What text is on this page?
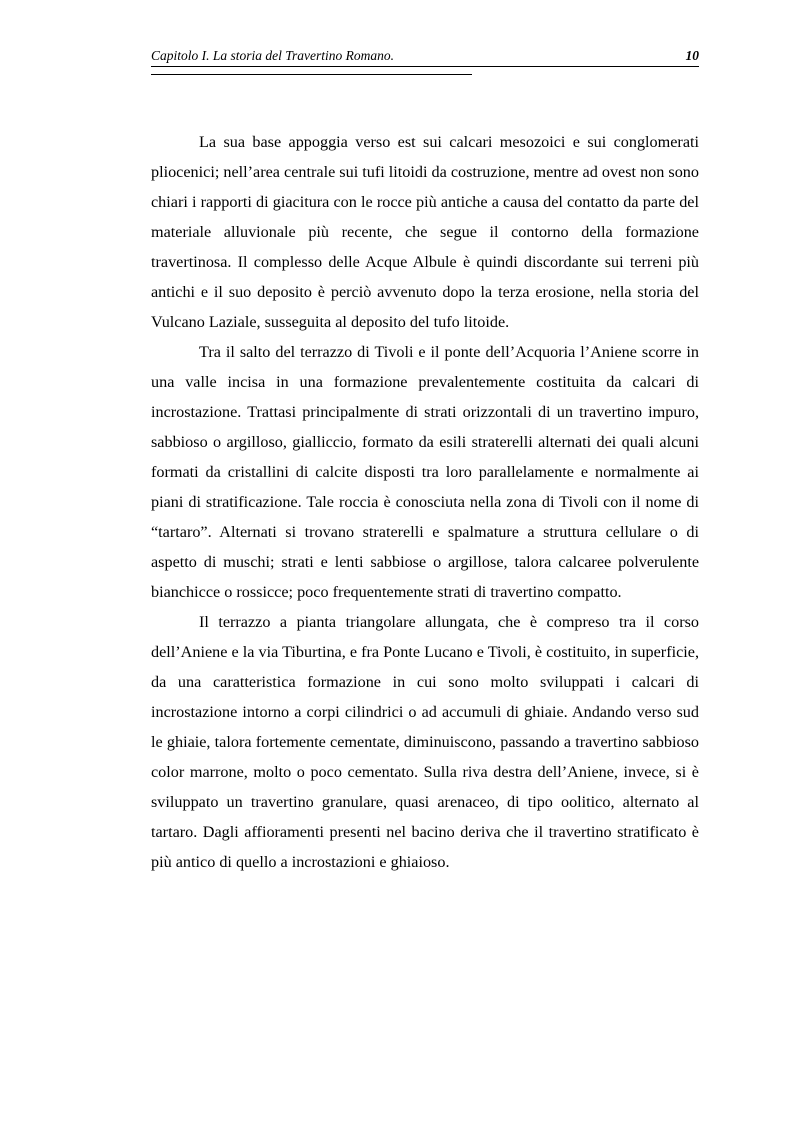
Capitolo I. La storia del Travertino Romano.	10

La sua base appoggia verso est sui calcari mesozoici e sui conglomerati pliocenici; nell’area centrale sui tufi litoidi da costruzione, mentre ad ovest non sono chiari i rapporti di giacitura con le rocce più antiche a causa del contatto da parte del materiale alluvionale più recente, che segue il contorno della formazione travertinosa. Il complesso delle Acque Albule è quindi discordante sui terreni più antichi e il suo deposito è perciò avvenuto dopo la terza erosione, nella storia del Vulcano Laziale, susseguita al deposito del tufo litoide.

Tra il salto del terrazzo di Tivoli e il ponte dell’Acquoria l’Aniene scorre in una valle incisa in una formazione prevalentemente costituita da calcari di incrostazione. Trattasi principalmente di strati orizzontali di un travertino impuro, sabbioso o argilloso, gialliccio, formato da esili straterelli alternati dei quali alcuni formati da cristallini di calcite disposti tra loro parallelamente e normalmente ai piani di stratificazione. Tale roccia è conosciuta nella zona di Tivoli con il nome di “tartaro”. Alternati si trovano straterelli e spalmature a struttura cellulare o di aspetto di muschi; strati e lenti sabbiose o argillose, talora calcaree polverulente bianchicce o rossicce; poco frequentemente strati di travertino compatto.

Il terrazzo a pianta triangolare allungata, che è compreso tra il corso dell’Aniene e la via Tiburtina, e fra Ponte Lucano e Tivoli, è costituito, in superficie, da una caratteristica formazione in cui sono molto sviluppati i calcari di incrostazione intorno a corpi cilindrici o ad accumuli di ghiaie. Andando verso sud le ghiaie, talora fortemente cementate, diminuiscono, passando a travertino sabbioso color marrone, molto o poco cementato. Sulla riva destra dell’Aniene, invece, si è sviluppato un travertino granulare, quasi arenaceo, di tipo oolitico, alternato al tartaro. Dagli affioramenti presenti nel bacino deriva che il travertino stratificato è più antico di quello a incrostazioni e ghiaioso.
